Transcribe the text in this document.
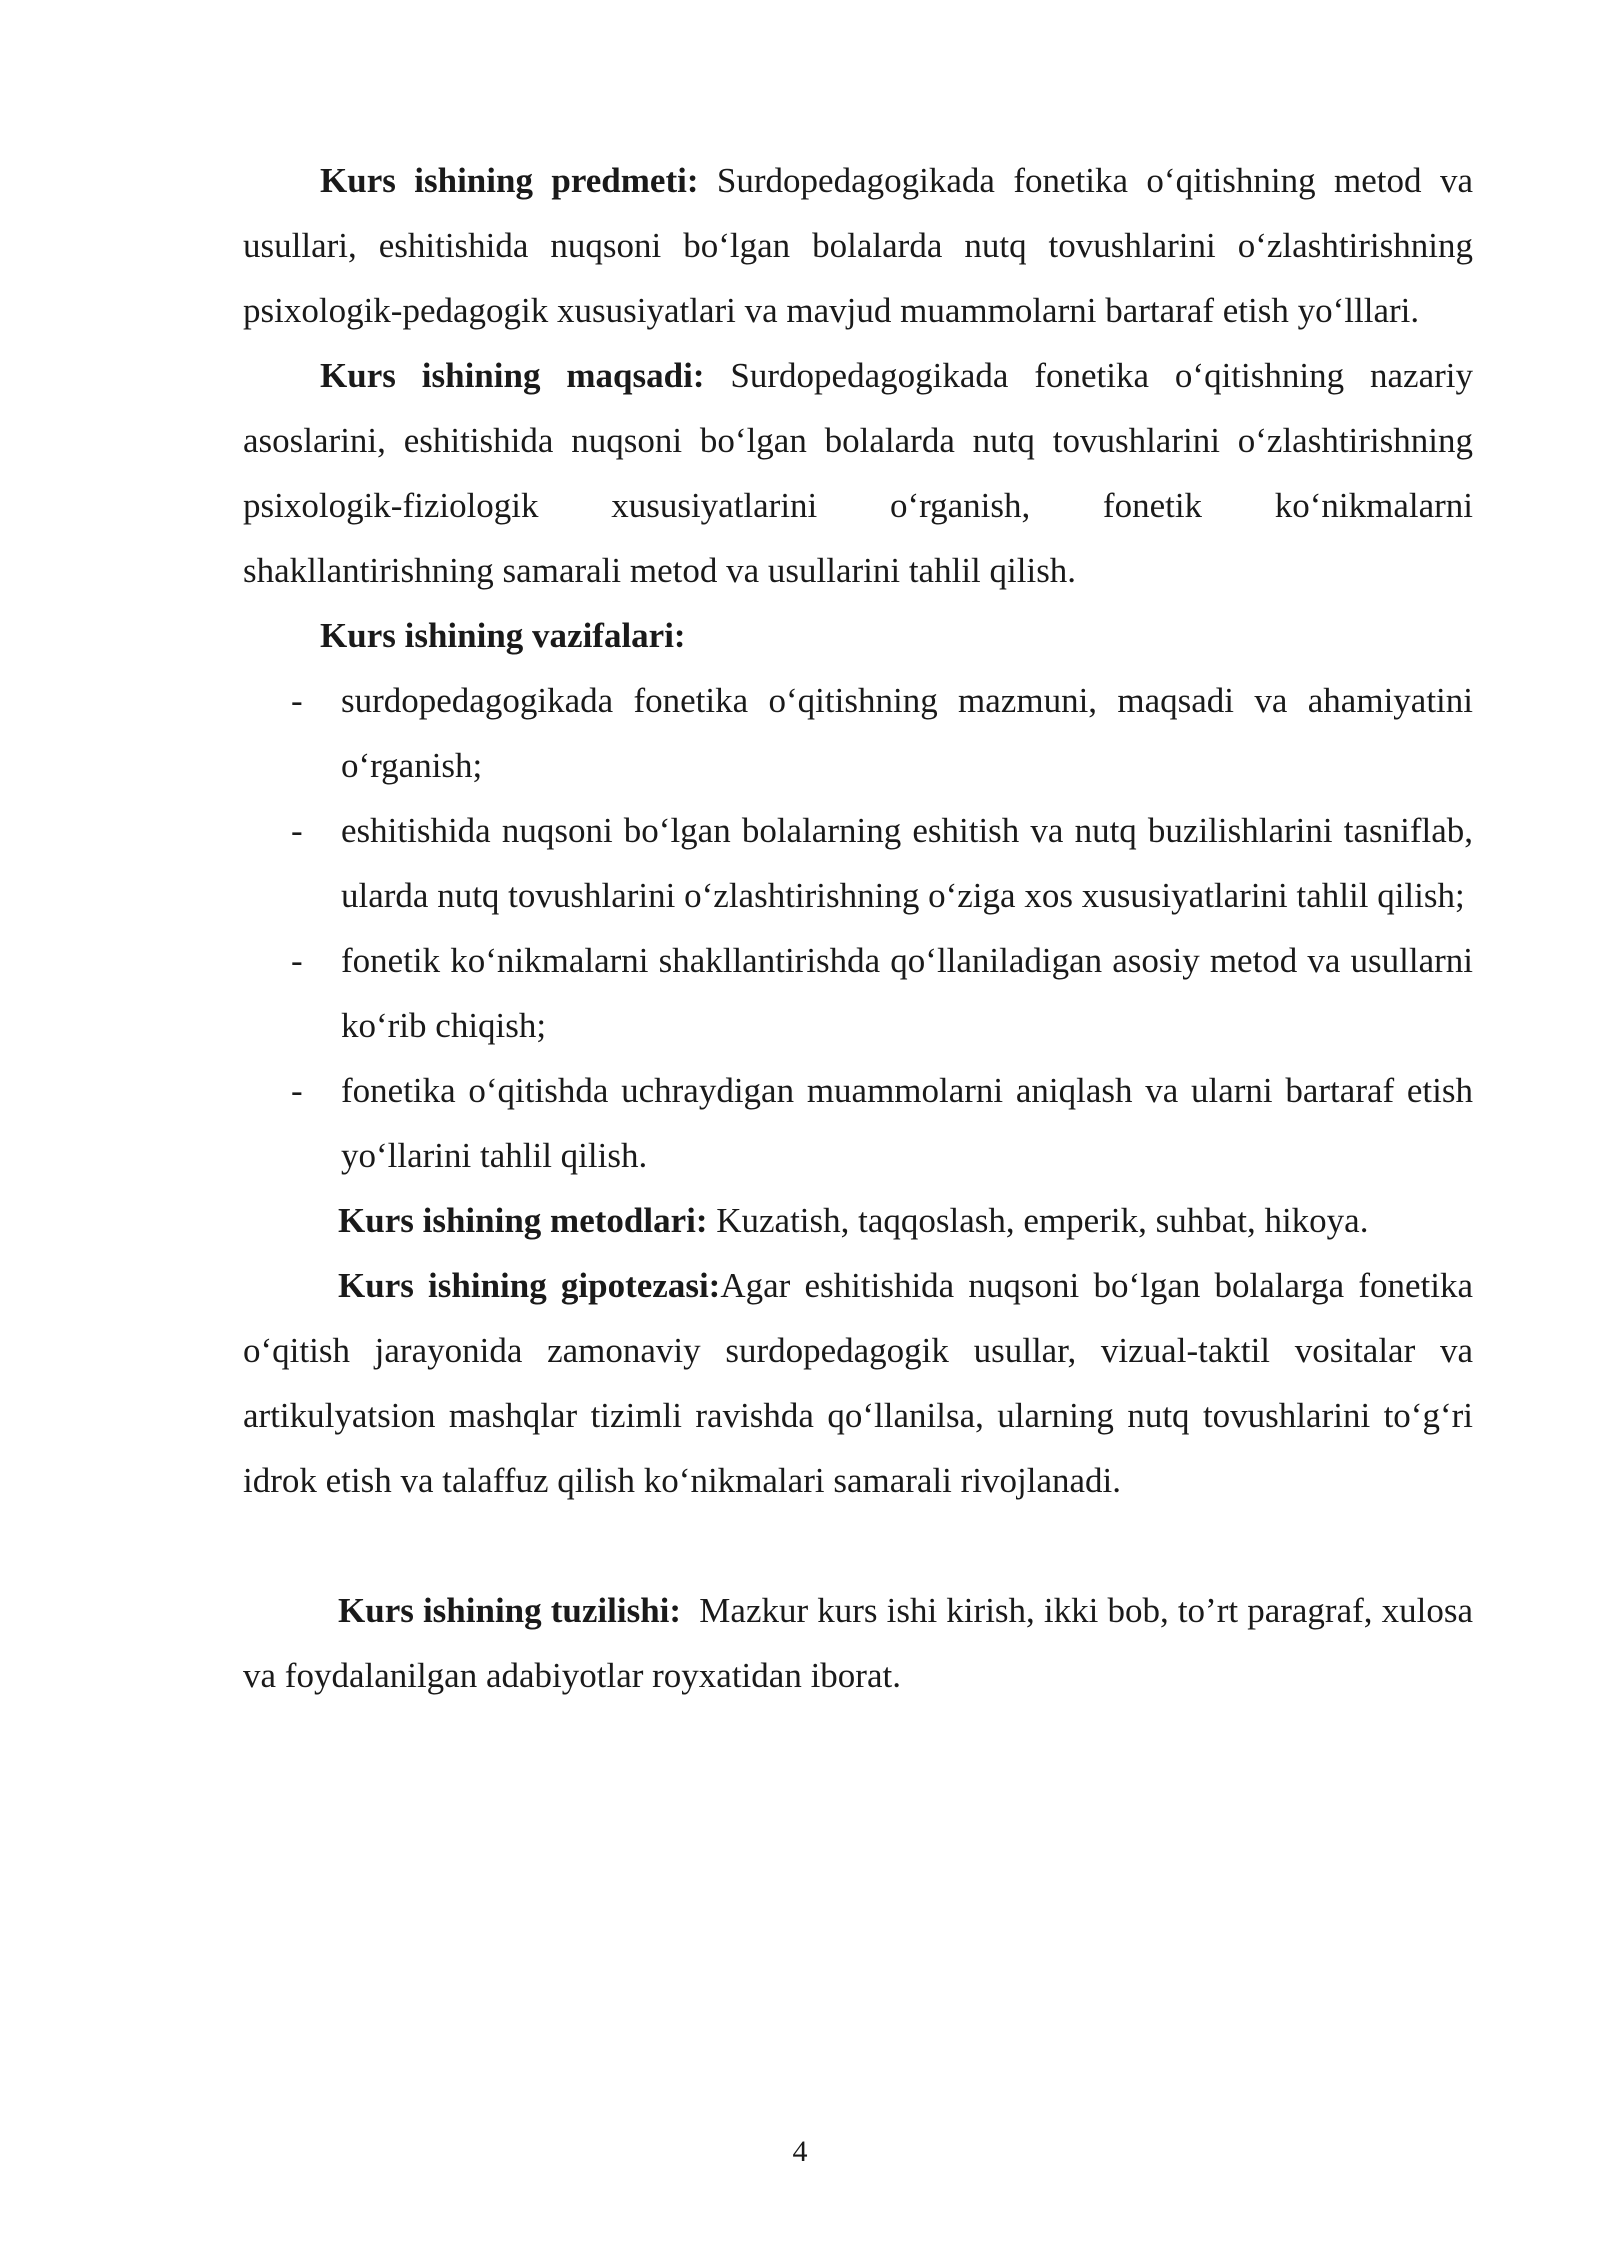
Kurs ishining predmeti: Surdopedagogikada fonetika o‘qitishning metod va usullari, eshitishida nuqsoni bo‘lgan bolalarda nutq tovushlarini o‘zlashtirishning psixologik-pedagogik xususiyatlari va mavjud muammolarni bartaraf etish yo‘lllari.

Kurs ishining maqsadi: Surdopedagogikada fonetika o‘qitishning nazariy asoslarini, eshitishida nuqsoni bo‘lgan bolalarda nutq tovushlarini o‘zlashtirishning psixologik-fiziologik xususiyatlarini o‘rganish, fonetik ko‘nikmalarni shakllantirishning samarali metod va usullarini tahlil qilish.

Kurs ishining vazifalari:

- surdopedagogikada fonetika o‘qitishning mazmuni, maqsadi va ahamiyatini o‘rganish;
- eshitishida nuqsoni bo‘lgan bolalarning eshitish va nutq buzilishlarini tasniflab, ularda nutq tovushlarini o‘zlashtirishning o‘ziga xos xususiyatlarini tahlil qilish;
- fonetik ko‘nikmalarni shakllantirishda qo‘llaniladigan asosiy metod va usullarni ko‘rib chiqish;
- fonetika o‘qitishda uchraydigan muammolarni aniqlash va ularni bartaraf etish yo‘llarini tahlil qilish.

Kurs ishining metodlari: Kuzatish, taqqoslash, emperik, suhbat, hikoya.

Kurs ishining gipotezasi:Agar eshitishida nuqsoni bo‘lgan bolalarga fonetika o‘qitish jarayonida zamonaviy surdopedagogik usullar, vizual-taktil vositalar va artikulyatsion mashqlar tizimli ravishda qo‘llanilsa, ularning nutq tovushlarini to‘g‘ri idrok etish va talaffuz qilish ko‘nikmalari samarali rivojlanadi.

Kurs ishining tuzilishi:  Mazkur kurs ishi kirish, ikki bob, to’rt paragraf, xulosa va foydalanilgan adabiyotlar royxatidan iborat.

4
